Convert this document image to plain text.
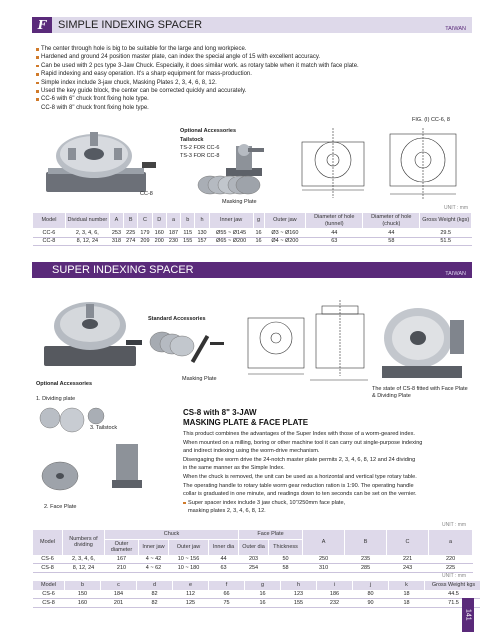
F	SIMPLE INDEXING SPACER	TAIWAN
The center through hole is big to be suitable for the large and long workpiece.
Hardened and ground 24 position master plate, can index the special angle of 15 with excellent accuracy.
Can be used with 2 pcs type 3-Jaw Chuck. Especially, it does similar work. as rotary table when it match with face plate.
Rapid indexing and easy operation. It's a sharp equipment for mass-production.
Simple index include 3-jaw chuck, Masking Plates 2, 3, 4, 6, 8, 12.
Used the key guide block, the center can be corrected quickly and accurately.
CC-6 with 6" chuck front fixing hole type.
CC-8 with 8" chuck front fixing hole type.
CC-8
Optional Accessories
Tailstock
TS-2 FOR CC-6
TS-3 FOR CC-8
Masking Plate
FIG. (I) CC-6, 8
UNIT : mm
Model	Dividual number	A	B	C	D	a	b	h	Inner jaw	g	Outer jaw	Diameter of hole (tunnel)	Diameter of hole (chuck)	Gross Weight (kgs)
CC-6	2, 3, 4, 6,	253	225	179	160	187	115	130	Ø55 ~ Ø145	16	Ø3 ~ Ø160	44	44	29.5
CC-8	8, 12, 24	318	274	209	200	230	155	157	Ø65 ~ Ø200	16	Ø4 ~ Ø200	63	58	51.5
SUPER INDEXING SPACER	TAIWAN
Standard Accessories
Masking Plate
The state of CS-8 fitted with Face Plate & Dividing Plate
Optional Accessories
1. Dividing plate
3. Tailstock
2. Face Plate
CS-8 with 8" 3-JAW
MASKING PLATE & FACE PLATE
This product combines the advantages of the Super Index with those of a worm-geared index.
When mounted on a milling, boring or other machine tool it can carry out single-purpose indexing
and indirect indexing using the worm-drive mechanism.
Disengaging the worm drive the 24-notch master plate permits 2, 3, 4, 6, 8, 12 and 24 dividing
in the same manner as the Simple Index.
When the chuck is removed, the unit can be used as a horizontal and vertical type rotary table.
The operating handle to rotary table worm gear reduction ration is 1:90. The operating handle
collar is graduated in one minute, and readings down to ten seconds can be set on the vernier.
Super spacer index include 3 jaw chuck, 10"/250mm face plate,
masking plates 2, 3, 4, 6, 8, 12.
UNIT : mm
Model	Numbers of dividing	Chuck				Face Plate		A	B	C	a
		Outer diameter	Inner jaw	Outer jaw	Inner dia	Outer dia	Thickness				
CS-6	2, 3, 4, 6,	167	4 ~ 42	10 ~ 156	44	203	50	250	235	221	220
CS-8	8, 12, 24	210	4 ~ 62	10 ~ 180	63	254	58	310	285	243	225
UNIT : mm
Model	b	c	d	e	f	g	h	i	j	k	Gross Weight kgs
CS-6	150	184	82	112	66	16	123	186	80	18	44.5
CS-8	160	201	82	125	75	16	155	232	90	18	71.5
141
